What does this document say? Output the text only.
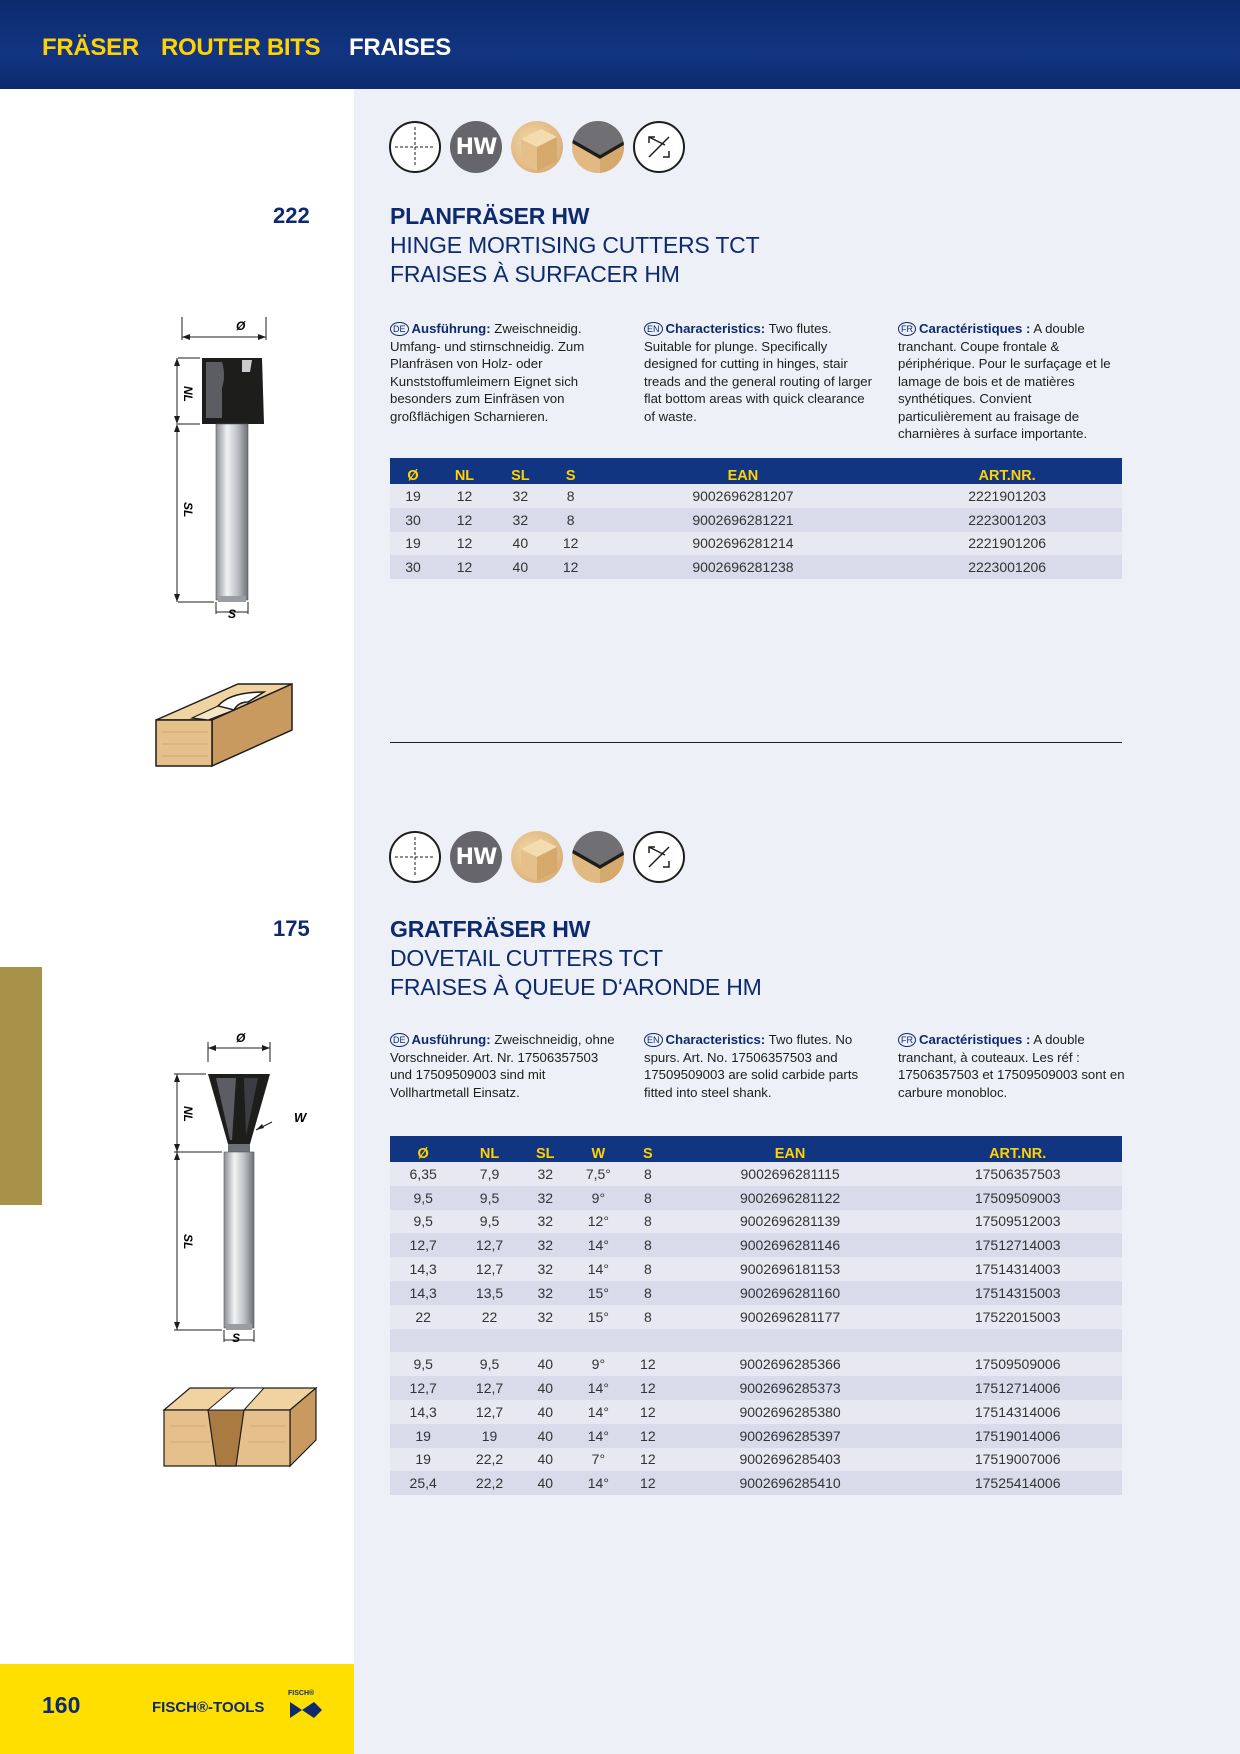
FRÄSER ROUTER BITS FRAISES
HW
222	PLANFRÄSER HW
HINGE MORTISING CUTTERS TCT
FRAISES À SURFACER HM
DE Ausführung: Zweischneidig. Umfang- und stirnschneidig. Zum Planfräsen von Holz- oder Kunststoffumleimern Eignet sich besonders zum Einfräsen von großflächigen Scharnieren.
EN Characteristics: Two flutes. Suitable for plunge. Specifically designed for cutting in hinges, stair treads and the general routing of larger flat bottom areas with quick clearance of waste.
FR Caractéristiques : A double tranchant. Coupe frontale & périphérique. Pour le surfaçage et le lamage de bois et de matières synthétiques. Convient particulièrement au fraisage de charnières à surface importante.
Ø
NL
SL
S
Ø	NL	SL	S	EAN	ART.NR.
19	12	32	8	9002696281207	2221901203
30	12	32	8	9002696281221	2223001203
19	12	40	12	9002696281214	2221901206
30	12	40	12	9002696281238	2223001206
HW
175	GRATFRÄSER HW
DOVETAIL CUTTERS TCT
FRAISES À QUEUE D‘ARONDE HM
DE Ausführung: Zweischneidig, ohne Vorschneider. Art. Nr. 17506357503 und 17509509003 sind mit Vollhartmetall Einsatz.
EN Characteristics: Two flutes. No spurs. Art. No. 17506357503 and 17509509003 are solid carbide parts fitted into steel shank.
FR Caractéristiques : A double tranchant, à couteaux. Les réf : 17506357503 et 17509509003 sont en carbure monobloc.
Ø
NL
SL
W
S
Ø	NL	SL	W	S	EAN	ART.NR.
6,35	7,9	32	7,5°	8	9002696281115	17506357503
9,5	9,5	32	9°	8	9002696281122	17509509003
9,5	9,5	32	12°	8	9002696281139	17509512003
12,7	12,7	32	14°	8	9002696281146	17512714003
14,3	12,7	32	14°	8	9002696181153	17514314003
14,3	13,5	32	15°	8	9002696281160	17514315003
22	22	32	15°	8	9002696281177	17522015003

9,5	9,5	40	9°	12	9002696285366	17509509006
12,7	12,7	40	14°	12	9002696285373	17512714006
14,3	12,7	40	14°	12	9002696285380	17514314006
19	19	40	14°	12	9002696285397	17519014006
19	22,2	40	7°	12	9002696285403	17519007006
25,4	22,2	40	14°	12	9002696285410	17525414006
160	FISCH®-TOOLS
FISCH®
